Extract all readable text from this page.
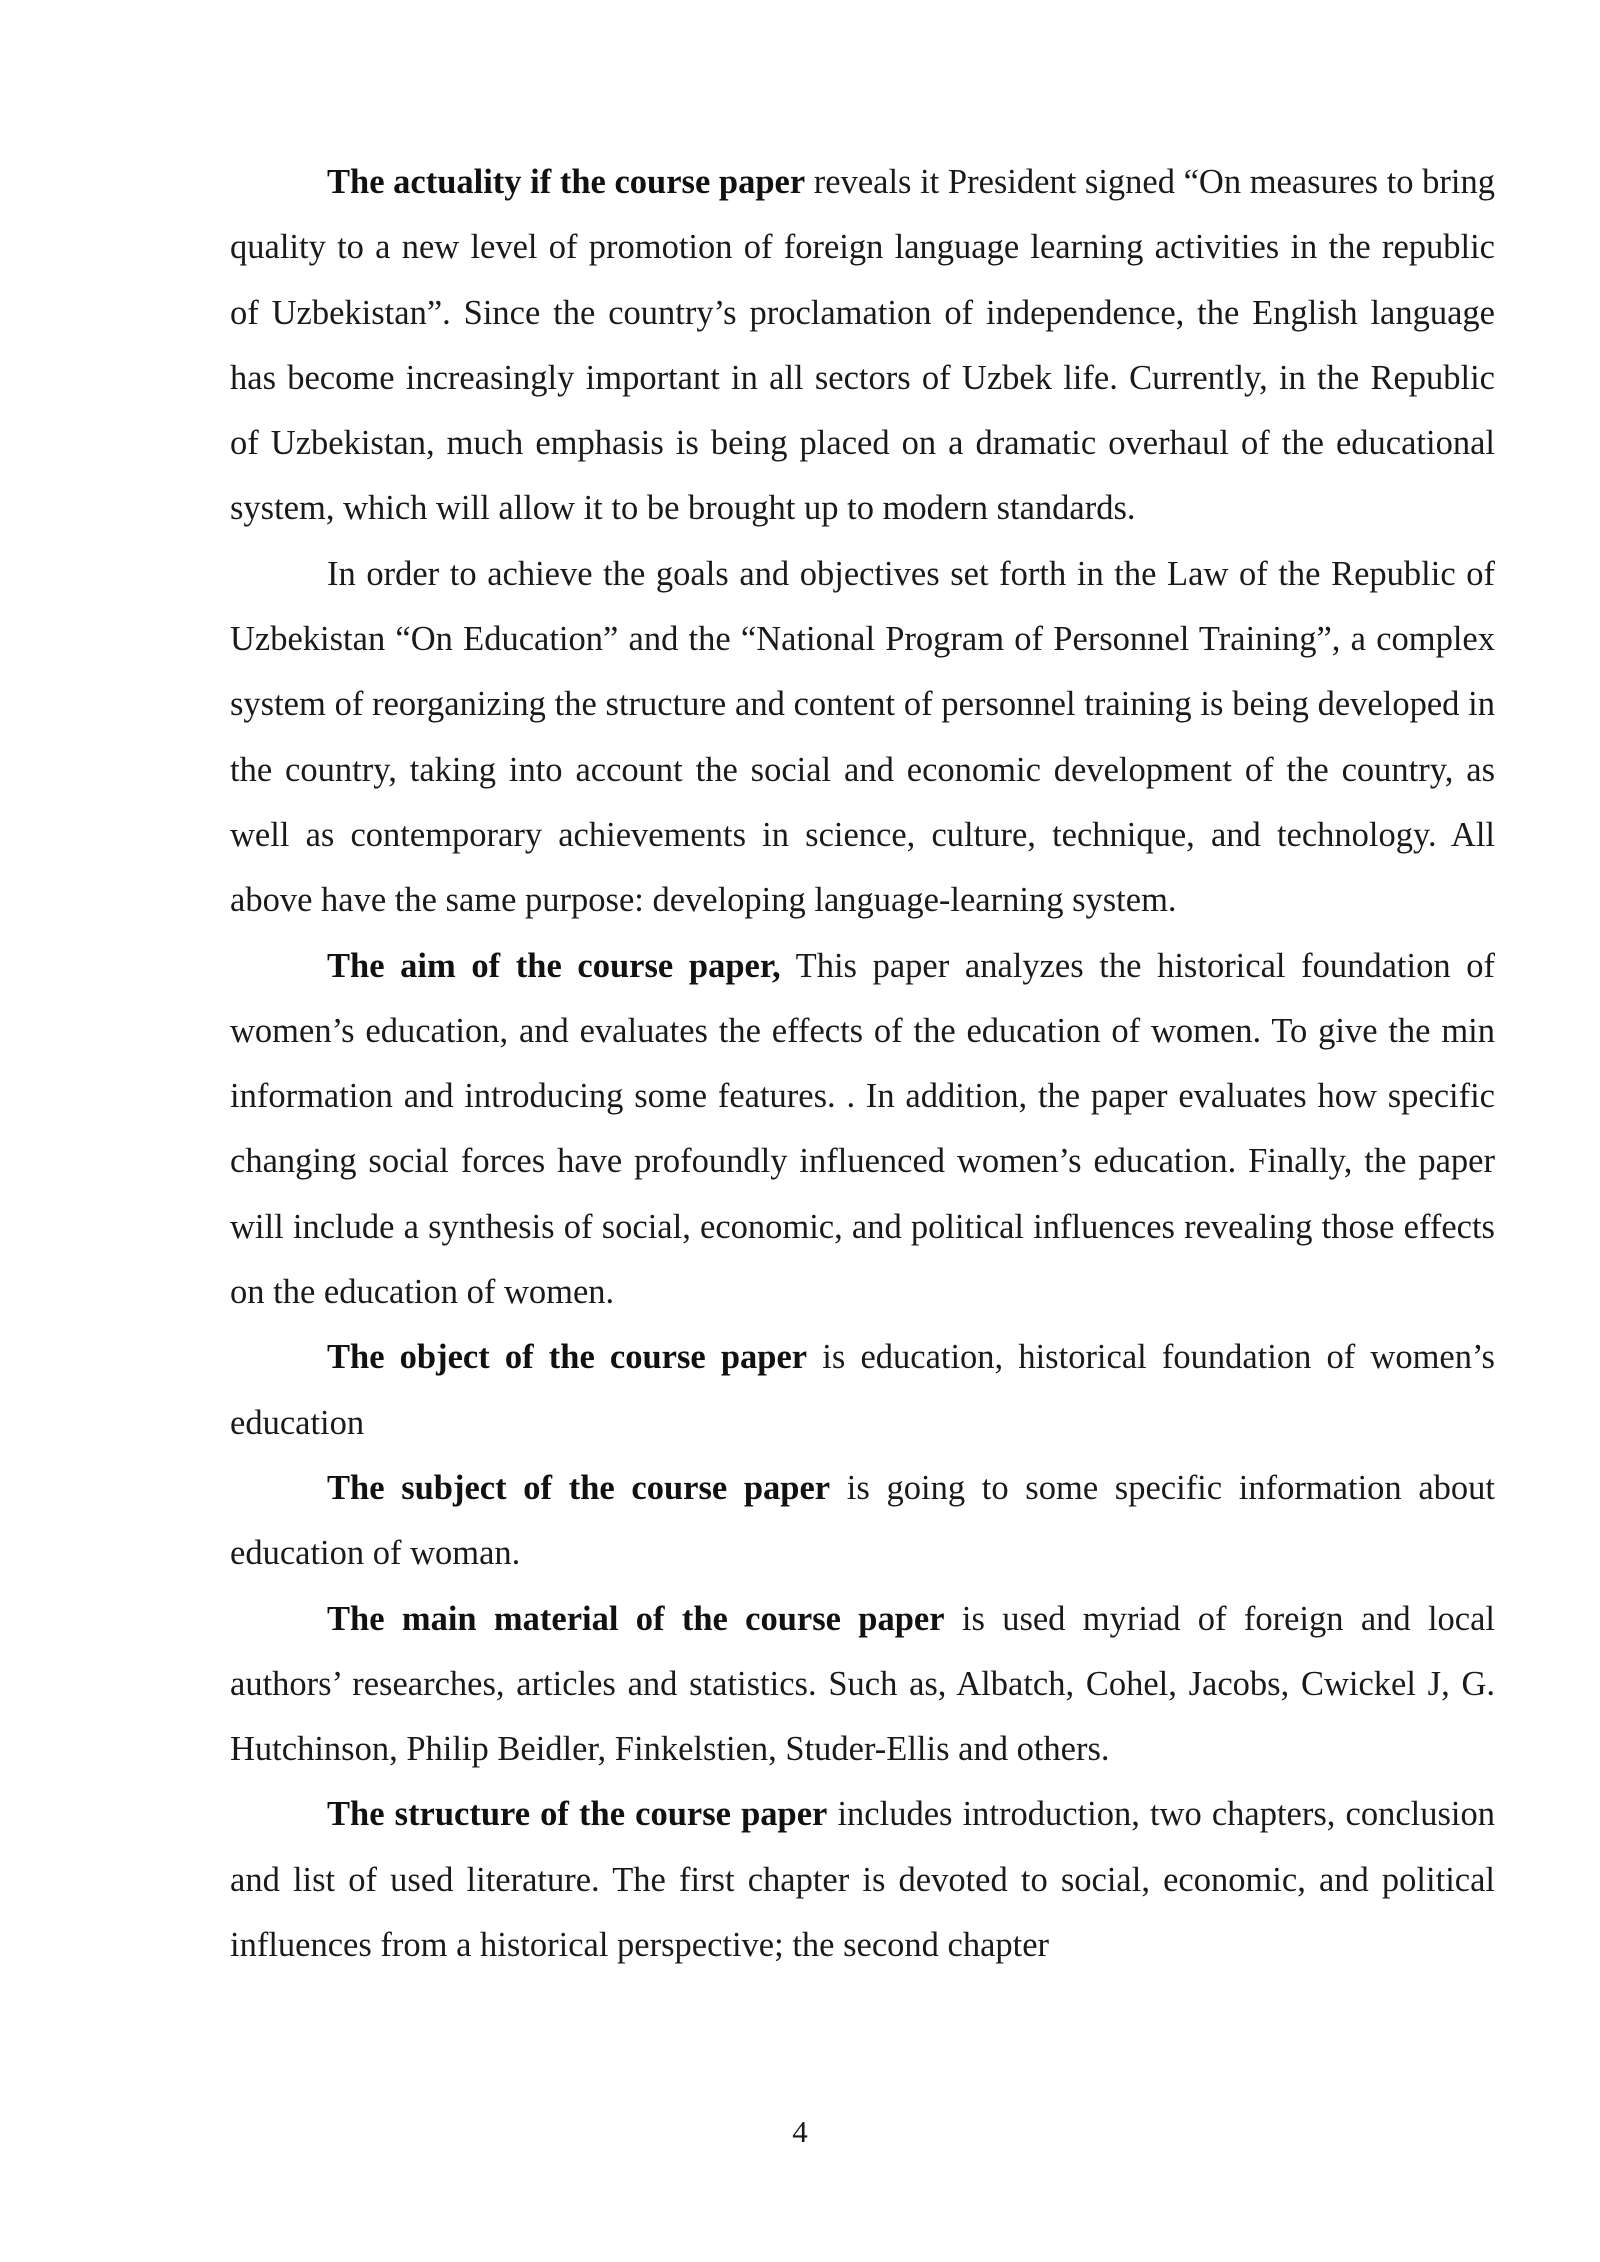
The actuality if the course paper reveals it President signed “On measures to bring quality to a new level of promotion of foreign language learning activities in the republic of Uzbekistan”. Since the country’s proclamation of independence, the English language has become increasingly important in all sectors of Uzbek life. Currently, in the Republic of Uzbekistan, much emphasis is being placed on a dramatic overhaul of the educational system, which will allow it to be brought up to modern standards.

In order to achieve the goals and objectives set forth in the Law of the Republic of Uzbekistan “On Education” and the “National Program of Personnel Training”, a complex system of reorganizing the structure and content of personnel training is being developed in the country, taking into account the social and economic development of the country, as well as contemporary achievements in science, culture, technique, and technology. All above have the same purpose: developing language-learning system.

The aim of the course paper, This paper analyzes the historical foundation of women’s education, and evaluates the effects of the education of women. To give the min information and introducing some features. . In addition, the paper evaluates how specific changing social forces have profoundly influenced women’s education. Finally, the paper will include a synthesis of social, economic, and political influences revealing those effects on the education of women.

The object of the course paper is education, historical foundation of women’s education

The subject of the course paper is going to some specific information about education of woman.

The main material of the course paper is used myriad of foreign and local authors’ researches, articles and statistics. Such as, Albatch, Cohel, Jacobs, Cwickel J, G. Hutchinson, Philip Beidler, Finkelstien, Studer-Ellis and others.

The structure of the course paper includes introduction, two chapters, conclusion and list of used literature. The first chapter is devoted to social, economic, and political influences from a historical perspective; the second chapter

4
